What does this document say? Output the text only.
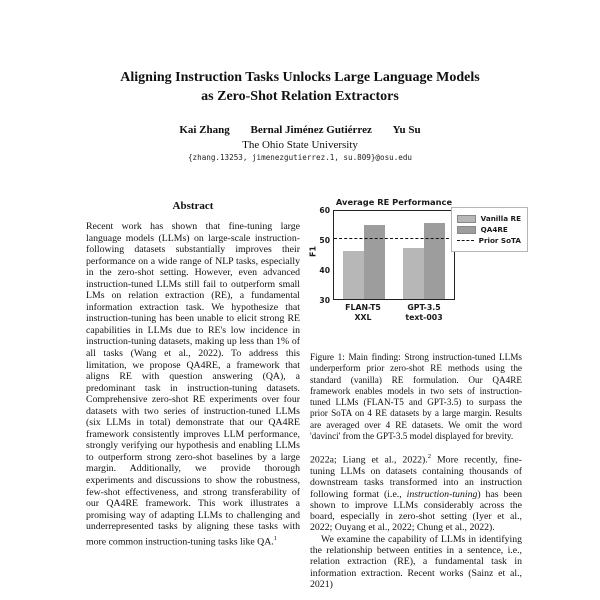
Aligning Instruction Tasks Unlocks Large Language Models
as Zero-Shot Relation Extractors
Kai Zhang Bernal Jiménez Gutiérrez Yu Su
The Ohio State University
{zhang.13253, jimenezgutierrez.1, su.809}@osu.edu
Abstract
Recent work has shown that fine-tuning large language models (LLMs) on large-scale instruction-following datasets substantially improves their performance on a wide range of NLP tasks, especially in the zero-shot setting. However, even advanced instruction-tuned LLMs still fail to outperform small LMs on relation extraction (RE), a fundamental information extraction task. We hypothesize that instruction-tuning has been unable to elicit strong RE capabilities in LLMs due to RE's low incidence in instruction-tuning datasets, making up less than 1% of all tasks (Wang et al., 2022). To address this limitation, we propose QA4RE, a framework that aligns RE with question answering (QA), a predominant task in instruction-tuning datasets. Comprehensive zero-shot RE experiments over four datasets with two series of instruction-tuned LLMs (six LLMs in total) demonstrate that our QA4RE framework consistently improves LLM performance, strongly verifying our hypothesis and enabling LLMs to outperform strong zero-shot baselines by a large margin. Additionally, we provide thorough experiments and discussions to show the robustness, few-shot effectiveness, and strong transferability of our QA4RE framework. This work illustrates a promising way of adapting LLMs to challenging and underrepresented tasks by aligning these tasks with more common instruction-tuning tasks like QA.$^1$
Average RE Performance
F1
60
50
40
30
FLAN-T5
XXL
GPT-3.5
text-003
Vanilla RE
QA4RE
Prior SoTA
Figure 1: Main finding: Strong instruction-tuned LLMs underperform prior zero-shot RE methods using the standard (vanilla) RE formulation. Our QA4RE framework enables models in two sets of instruction-tuned LLMs (FLAN-T5 and GPT-3.5) to surpass the prior SoTA on 4 RE datasets by a large margin. Results are averaged over 4 RE datasets. We omit the word 'davinci' from the GPT-3.5 model displayed for brevity.

2022a; Liang et al., 2022).$^2$ More recently, fine-tuning LLMs on datasets containing thousands of downstream tasks transformed into an instruction following format (i.e., instruction-tuning) has been shown to improve LLMs considerably across the board, especially in zero-shot setting (Iyer et al., 2022; Ouyang et al., 2022; Chung et al., 2022).

We examine the capability of LLMs in identifying the relationship between entities in a sentence, i.e., relation extraction (RE), a fundamental task in information extraction. Recent works (Sainz et al., 2021)
